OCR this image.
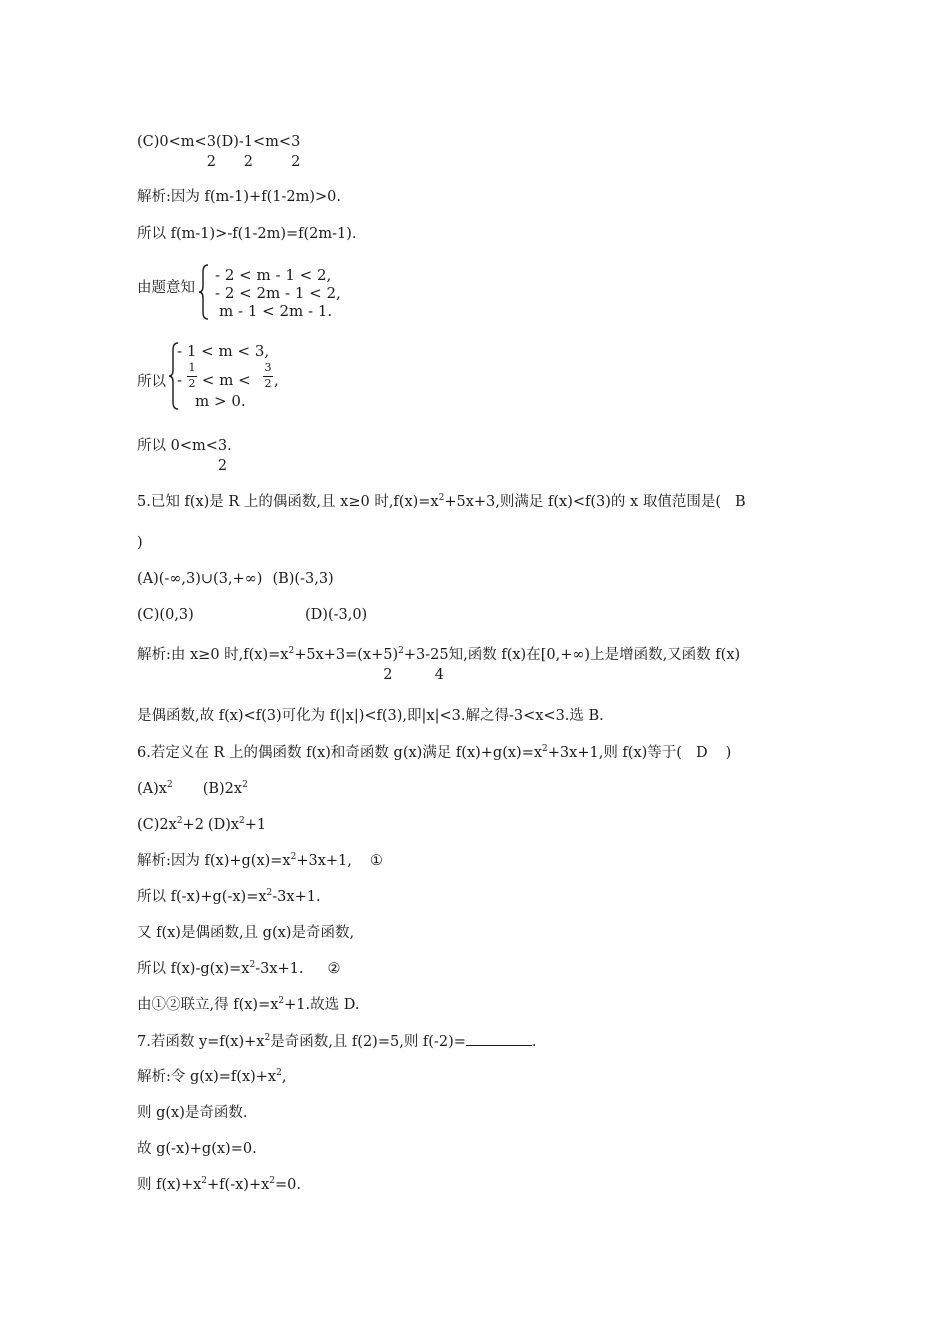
(C)0<m< 3
2
(D)- 1
2
<m< 3
2
解析:因为 f(m-1)+f(1-2m)>0.
所以 f(m-1)>-f(1-2m)=f(2m-1).
由题意知
- 2 < m - 1 < 2,
- 2 < 2m - 1 < 2,
m - 1 < 2m - 1.
所以
- 1 < m < 3,
-
1
2 < m <
3
2 ,
m > 0.
所以 0<m< 3
2
.
5.已知 f(x)是 R 上的偶函数,且 x≥0 时$,f(x)=x^2+5x+3$,则满足 f(x)<f(3)的 x 取值范围是( B
)
(A)(-∞,3)∪(3,+∞) (B)(-3,3)
(C)(0,3)	(D)(-3,0)
解析:由 x≥0 时$,f(x)=x^2+5x+3=(x+ 5$
2
)$^2$+3- 25
4
知,函数 f(x)在[0,+∞)上是增函数,又函数 f(x)
是偶函数,故 f(x)<f(3)可化为 f(|x|)<f(3),即|x|<3.解之得-3<x<3.选 B.
6.若定义在 R 上的偶函数 f(x)和奇函数 g(x)满足 $f(x)+g(x)=x^2+3x+1$,则 f(x)等于( D )
$(A)x^2$ $(B)2x^2$
$(C)2x^2+2$ $(D)x^2+1$
解析:因为 $f(x)+g(x)=x^2+3x+1$, ①
所以 $f(-x)+g(-x)=x^2-3x+1$.
又 f(x)是偶函数,且 g(x)是奇函数,
所以 $f(x)-g(x)=x^2-3x+1$. ②
由①②联立,得 $f(x)=x^2+1$.故选 D.
7.若函数 $y=f(x)+x^2$是奇函数,且 f(2)=5,则 f(-2)=	.
解析:令 $g(x)=f(x)+x^2$,
则 g(x)是奇函数.
故 g(-x)+g(x)=0.
则 $f(x)+x^2+f(-x)+x^2=0$.
